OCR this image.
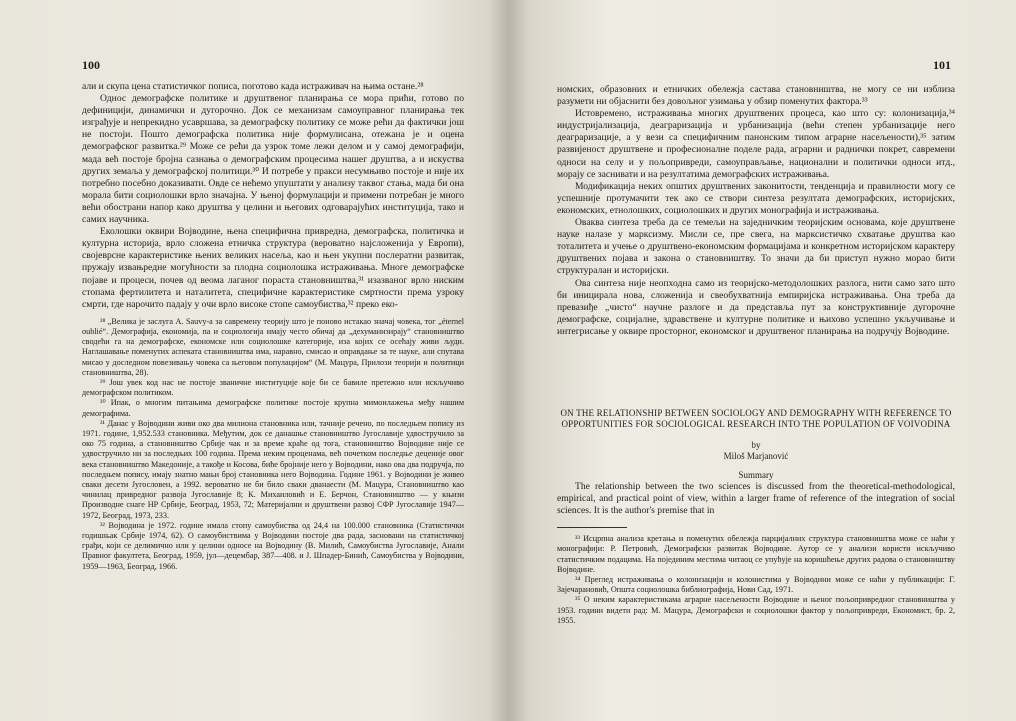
100

али и скупа цена статистичког пописа, поготово када истраживач на њима остане.²⁸

Однос демографске политике и друштвеног планирања се мора прићи, готово по дефиницији, динамички и дугорочно. Док се механизам самоуправног планирања тек изграђује и непрекидно усавршава, за демографску политику се може рећи да фактички још не постоји. Пошто демографска политика није формулисана, отежана је и оцена демографског развитка.²⁹ Може се рећи да узрок томе лежи делом и у самој демографији, мада већ постоје бројна сазнања о демографским процесима нашег друштва, а и искуства других земаља у демографској политици.³⁰ И потребе у пракси несумњиво постоје и није их потребно посебно доказивати. Овде се нећемо упуштати у анализу таквог стања, мада би она морала бити социолошки врло значајна. У њеној формулацији и примени потребан је много већи обострани напор како друштва у целини и његових одговарајућих институција, тако и самих научника.

Еколошки оквири Војводине, њена специфична привредна, демографска, политичка и културна историја, врло сложена етничка структура (вероватно најсложенија у Европи), својеврсне карактеристике њених великих насеља, као и њен укупни послератни развитак, пружају извањредне могућности за плодна социолошка истраживања. Многе демографске појаве и процеси, почев од веома лаганог пораста становништва,³¹ изазваног врло ниским стопама фертилитета и наталитета, специфичне карактеристике смртности према узроку смрти, где нарочито падају у очи врло високе стопе самоубиства,³² преко еко-

²⁸ „Велика је заслуга A. Sauvy-а за савремену теорију што је поново истакао значај човека, тог „éternel oublié“. Демографија, економија, па и социологија имају често обичај да „дехуманизирају“ становништво сводећи га на демографске, економске или социолошке категорије, иза којих се осећају живи људи. Наглашавање поменутих аспеката становништва има, наравно, смисао и оправдање за те науке, али спутава мисао у доследном повезивању човека са његовом популацијом“ (М. Мацура, Прилози теорији и политици становништва, 28).

²⁹ Још увек код нас не постоје званичне институције које би се бавиле претежно или искључиво демографском политиком.

³⁰ Ипак, о многим питањима демографске политике постоје крупна мимоилажења међу нашим демографима.

³¹ Данас у Војводини живи око два милиона становника или, тачније речено, по последњем попису из 1971. године, 1,952.533 становника. Међутим, док се данашње становништво Југославије удвостручило за око 75 година, а становништво Србије чак и за време краће од тога, становништво Војводине није се удвостручило ни за последњих 100 година. Према неким проценама, већ почетком последње деценије овог века становништво Македоније, а такође и Косова, биће бројније него у Војводини, иако ова два подручја, по последњем попису, имају знатно мањи број становника него Војводина. Године 1961. у Војводини је живео сваки десети Југословен, а 1992. вероватно не би било сваки дванаести (М. Мацура, Становништво као чинилац привредног развоја Југославије 8; К. Михаиловић и Е. Берчон, Становништво — у књизи Производне снаге НР Србије, Београд, 1953, 72; Материјални и друштвени развој СФР Југославије 1947—1972, Београд, 1973, 233.

³² Војводина је 1972. године имала стопу самоубиства од 24,4 на 100.000 становника (Статистички годишњак Србије 1974, 62). О самоубиствима у Војводини постоје два рада, засновани на статистичкој грађи, који се делимично или у целини односе на Војводину (В. Милић, Самоубиства Југославије, Анали Правног факултета, Београд, 1959, јул—децембар, 387—408. и Ј. Шпадер-Бинић, Самоубиства у Војводини, 1959—1963, Београд, 1966.

101

номских, образовних и етничких обележја састава становништва, не могу се ни изблиза разумети ни објаснити без довољног узимања у обзир поменутих фактора.³³

Истовремено, истраживања многих друштвених процеса, као што су: колонизација,³⁴ индустријализација, деаграризација и урбанизација (већи степен урбанизације него деаграризације, а у вези са специфичним панонским типом аграрне насељености),³⁵ затим развијеност друштвене и професионалне поделе рада, аграрни и раднички покрет, савремени односи на селу и у пољопривреди, самоуправљање, национални и политички односи итд., морају се заснивати и на резултатима демографских истраживања.

Модификација неких општих друштвених законитости, тенденција и правилности могу се успешније протумачити тек ако се створи синтеза резултата демографских, историјских, економских, етнолошких, социолошких и других монографија и истраживања.

Оваква синтеза треба да се темељи на заједничким теоријским основама, које друштвене науке налазе у марксизму. Мисли се, пре свега, на марксистичко схватање друштва као тоталитета и учење о друштвено-економским формацијама и конкретном историјском карактеру друштвених појава и закона о становништву. То значи да би приступ нужно морао бити структуралан и историјски.

Ова синтеза није неопходна само из теоријско-методолошких разлога, нити само зато што би иницирала нова, сложенија и свеобухватнија емпиријска истраживања. Она треба да превазиђе „чисто“ научне разлоге и да представља пут за конструктивније дугорочне демографске, социјалне, здравствене и културне политике и њихово успешно укључивање и интегрисање у оквире просторног, економског и друштвеног планирања на подручју Војводине.

ON THE RELATIONSHIP BETWEEN SOCIOLOGY AND DEMOGRAPHY WITH REFERENCE TO OPPORTUNITIES FOR SOCIOLOGICAL RESEARCH INTO THE POPULATION OF VOIVODINA
by
Miloš Marjanović
Summary

The relationship between the two sciences is discussed from the theoretical-methodological, empirical, and practical point of view, within a larger frame of reference of the integration of social sciences. It is the author's premise that in

³³ Исцрпна анализа кретања и поменутих обележја парцијалних структура становништва може се наћи у монографији: Р. Петровић, Демографски развитак Војводине. Аутор се у анализи користи искључиво статистичким подацима. На појединим местима читаоц се упућује на коришћење других радова о становништву Војводине.

³⁴ Преглед истраживања о колонизацији и колонистима у Војводини може се наћи у публикацији: Г. Зајечарановић, Општа социолошка библиографија, Нови Сад, 1971.

³⁵ О неким карактеристикама аграрне насељености Војводине и њеног пољопривредног становништва у 1953. години видети рад: М. Мацура, Демографски и социолошки фактор у пољопривреди, Економист, бр. 2, 1955.
